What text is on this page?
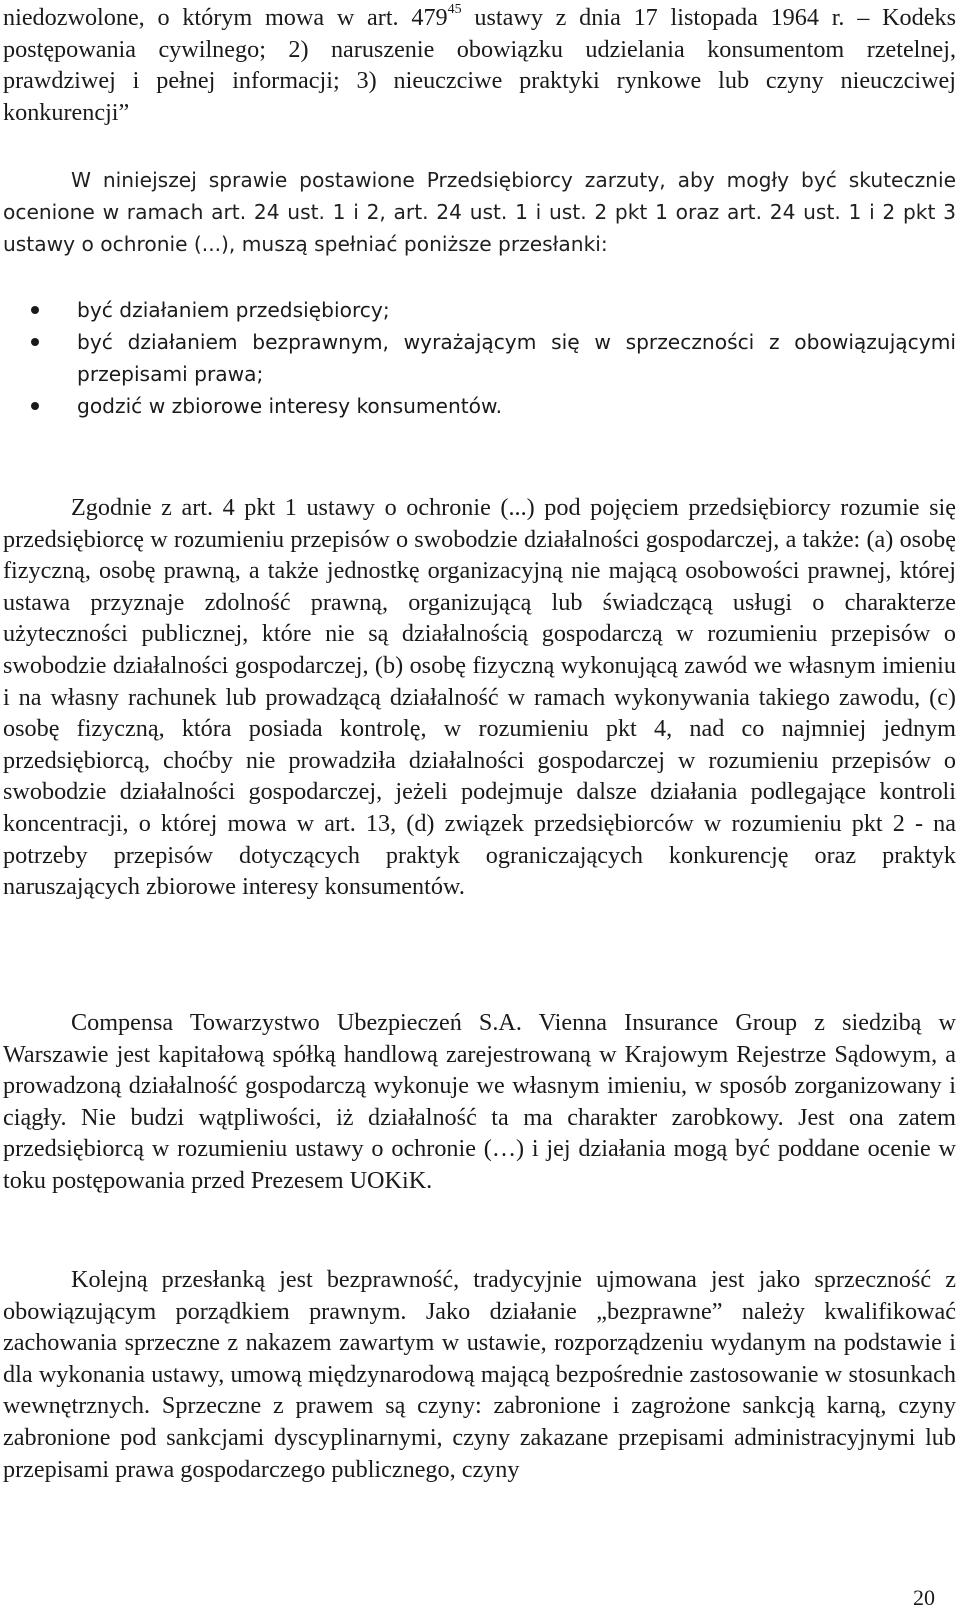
niedozwolone, o którym mowa w art. $479^{45}$ ustawy z dnia 17 listopada 1964 r. – Kodeks postępowania cywilnego; 2) naruszenie obowiązku udzielania konsumentom rzetelnej, prawdziwej i pełnej informacji; 3) nieuczciwe praktyki rynkowe lub czyny nieuczciwej konkurencji”

W niniejszej sprawie postawione Przedsiębiorcy zarzuty, aby mogły być skutecznie ocenione w ramach art. 24 ust. 1 i 2, art. 24 ust. 1 i ust. 2 pkt 1 oraz art. 24 ust. 1 i 2 pkt 3 ustawy o ochronie (...), muszą spełniać poniższe przesłanki:

być działaniem przedsiębiorcy;
być działaniem bezprawnym, wyrażającym się w sprzeczności z obowiązującymi przepisami prawa;
godzić w zbiorowe interesy konsumentów.

Zgodnie z art. 4 pkt 1 ustawy o ochronie (...) pod pojęciem przedsiębiorcy rozumie się przedsiębiorcę w rozumieniu przepisów o swobodzie działalności gospodarczej, a także: (a) osobę fizyczną, osobę prawną, a także jednostkę organizacyjną nie mającą osobowości prawnej, której ustawa przyznaje zdolność prawną, organizującą lub świadczącą usługi o charakterze użyteczności publicznej, które nie są działalnością gospodarczą w rozumieniu przepisów o swobodzie działalności gospodarczej, (b) osobę fizyczną wykonującą zawód we własnym imieniu i na własny rachunek lub prowadzącą działalność w ramach wykonywania takiego zawodu, (c) osobę fizyczną, która posiada kontrolę, w rozumieniu pkt 4, nad co najmniej jednym przedsiębiorcą, choćby nie prowadziła działalności gospodarczej w rozumieniu przepisów o swobodzie działalności gospodarczej, jeżeli podejmuje dalsze działania podlegające kontroli koncentracji, o której mowa w art. 13, (d) związek przedsiębiorców w rozumieniu pkt 2 - na potrzeby przepisów dotyczących praktyk ograniczających konkurencję oraz praktyk naruszających zbiorowe interesy konsumentów.

Compensa Towarzystwo Ubezpieczeń S.A. Vienna Insurance Group z siedzibą w Warszawie jest kapitałową spółką handlową zarejestrowaną w Krajowym Rejestrze Sądowym, a prowadzoną działalność gospodarczą wykonuje we własnym imieniu, w sposób zorganizowany i ciągły. Nie budzi wątpliwości, iż działalność ta ma charakter zarobkowy. Jest ona zatem przedsiębiorcą w rozumieniu ustawy o ochronie (…) i jej działania mogą być poddane ocenie w toku postępowania przed Prezesem UOKiK.

Kolejną przesłanką jest bezprawność, tradycyjnie ujmowana jest jako sprzeczność z obowiązującym porządkiem prawnym. Jako działanie „bezprawne” należy kwalifikować zachowania sprzeczne z nakazem zawartym w ustawie, rozporządzeniu wydanym na podstawie i dla wykonania ustawy, umową międzynarodową mającą bezpośrednie zastosowanie w stosunkach wewnętrznych. Sprzeczne z prawem są czyny: zabronione i zagrożone sankcją karną, czyny zabronione pod sankcjami dyscyplinarnymi, czyny zakazane przepisami administracyjnymi lub przepisami prawa gospodarczego publicznego, czyny

20
